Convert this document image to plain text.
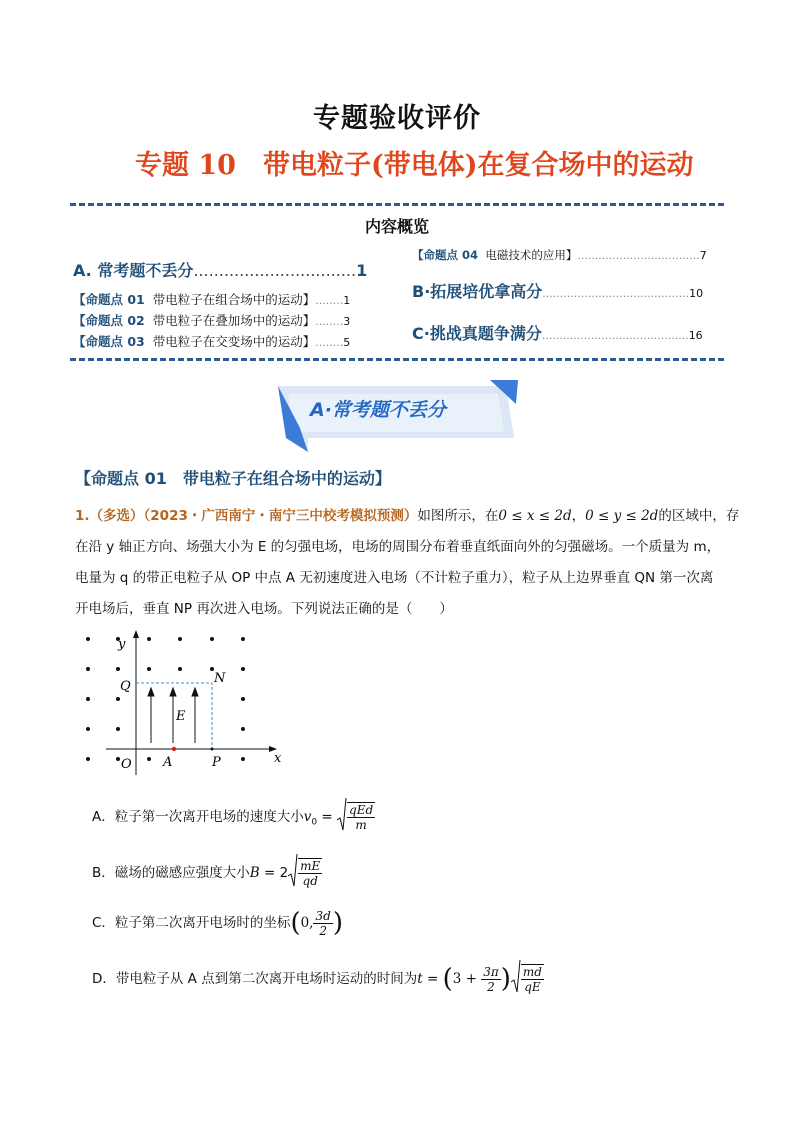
专题验收评价
专题 10　带电粒子(带电体)在复合场中的运动
内容概览
A. 常考题不丢分................................1
【命题点 01 带电粒子在组合场中的运动】........1
【命题点 02 带电粒子在叠加场中的运动】........3
【命题点 03 带电粒子在交变场中的运动】........5
【命题点 04 电磁技术的应用】...................................7
B·拓展培优拿高分..........................................10
C·挑战真题争满分..........................................16
A·常考题不丢分
【命题点 01　带电粒子在组合场中的运动】
1.（多选）（2023・广西南宁・南宁三中校考模拟预测）如图所示，在0 ≤ x ≤ 2d，0 ≤ y ≤ 2d的区域中，存
在沿 y 轴正方向、场强大小为 E 的匀强电场，电场的周围分布着垂直纸面向外的匀强磁场。一个质量为 m，
电量为 q 的带正电粒子从 OP 中点 A 无初速度进入电场（不计粒子重力），粒子从上边界垂直 QN 第一次离
开电场后，垂直 NP 再次进入电场。下列说法正确的是（　　）
y
x
Q
N
E
O A	P
A．粒子第一次离开电场的速度大小$v_0 = \frac{\text{qEd}}{m}$
B．磁场的磁感应强度大小$B = 2 \frac{mE}{qd}$
C．粒子第二次离开电场时的坐标(0, $\frac{3d}{2}$ )
D．带电粒子从 A 点到第二次离开电场时运动的时间为$t = (3 + \frac{3\pi}{2}$ ) $\frac{md}{qE}$
